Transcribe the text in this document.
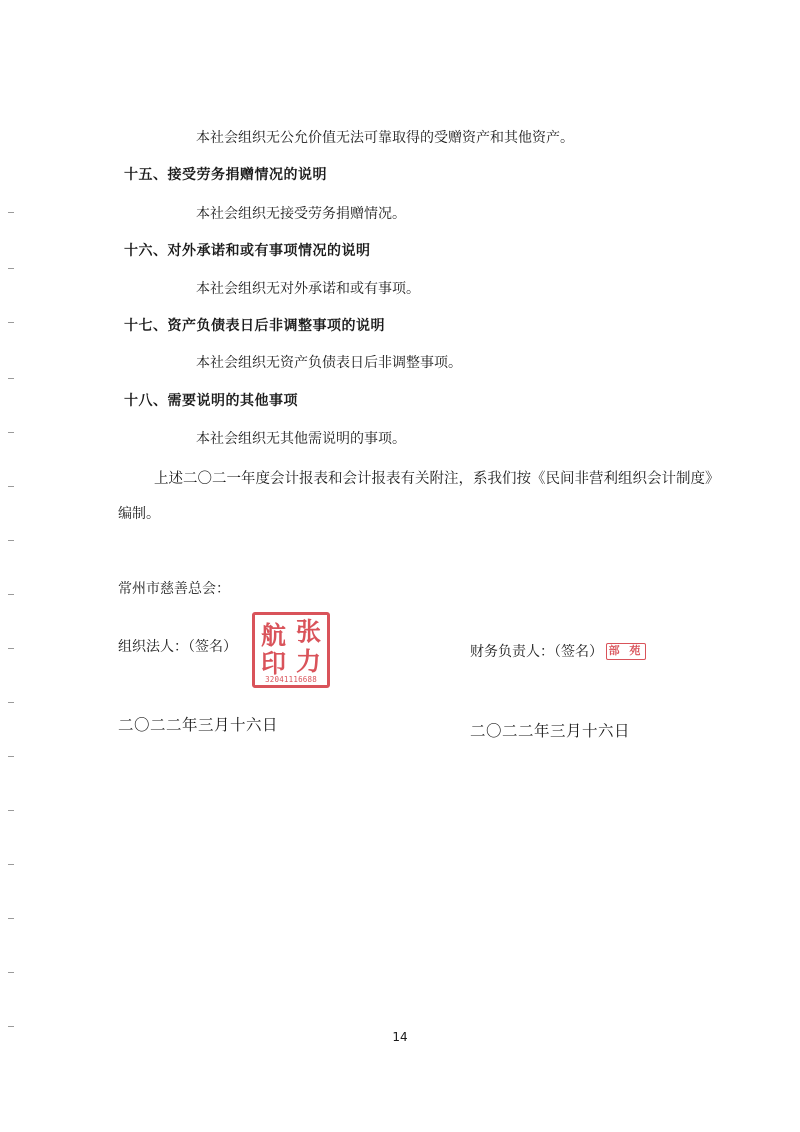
本社会组织无公允价值无法可靠取得的受赠资产和其他资产。
十五、接受劳务捐赠情况的说明
本社会组织无接受劳务捐赠情况。
十六、对外承诺和或有事项情况的说明
本社会组织无对外承诺和或有事项。
十七、资产负债表日后非调整事项的说明
本社会组织无资产负债表日后非调整事项。
十八、需要说明的其他事项
本社会组织无其他需说明的事项。
上述二〇二一年度会计报表和会计报表有关附注，系我们按《民间非营利组织会计制度》
编制。
常州市慈善总会：
组织法人：（签名）
张
航
力
印
32041116688
财务负责人：（签名） 部 苑
二〇二二年三月十六日	二〇二二年三月十六日
14
